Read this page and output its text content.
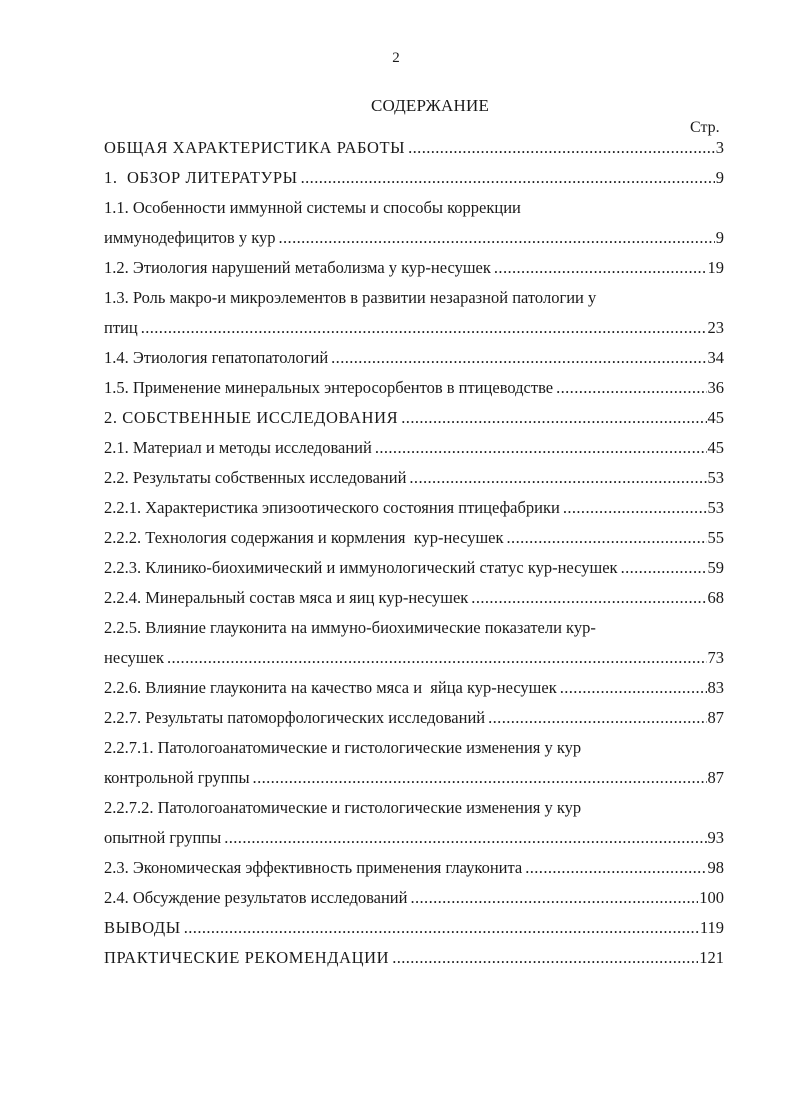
2
СОДЕРЖАНИЕ
Стр.
ОБЩАЯ ХАРАКТЕРИСТИКА РАБОТЫ .....	3
1.  ОБЗОР ЛИТЕРАТУРЫ .....	9
1.1. Особенности иммунной системы и способы коррекции
иммунодефицитов у кур .....	9
1.2. Этиология нарушений метаболизма у кур-несушек .....	19
1.3. Роль макро-и микроэлементов в развитии незаразной патологии у
птиц .....	23
1.4. Этиология гепатопатологий .....	34
1.5. Применение минеральных энтеросорбентов в птицеводстве .....	36
2. СОБСТВЕННЫЕ ИССЛЕДОВАНИЯ .....	45
2.1. Материал и методы исследований .....	45
2.2. Результаты собственных исследований .....	53
2.2.1. Характеристика эпизоотического состояния птицефабрики .....	53
2.2.2. Технология содержания и кормления  кур-несушек .....	55
2.2.3. Клинико-биохимический и иммунологический статус кур-несушек .....	59
2.2.4. Минеральный состав мяса и яиц кур-несушек .....	68
2.2.5. Влияние глауконита на иммуно-биохимические показатели кур-
несушек .....	73
2.2.6. Влияние глауконита на качество мяса и  яйца кур-несушек .....	83
2.2.7. Результаты патоморфологических исследований .....	87
2.2.7.1. Патологоанатомические и гистологические изменения у кур
контрольной группы .....	87
2.2.7.2. Патологоанатомические и гистологические изменения у кур
опытной группы .....	93
2.3. Экономическая эффективность применения глауконита .....	98
2.4. Обсуждение результатов исследований .....	100
ВЫВОДЫ .....	119
ПРАКТИЧЕСКИЕ РЕКОМЕНДАЦИИ .....	121
